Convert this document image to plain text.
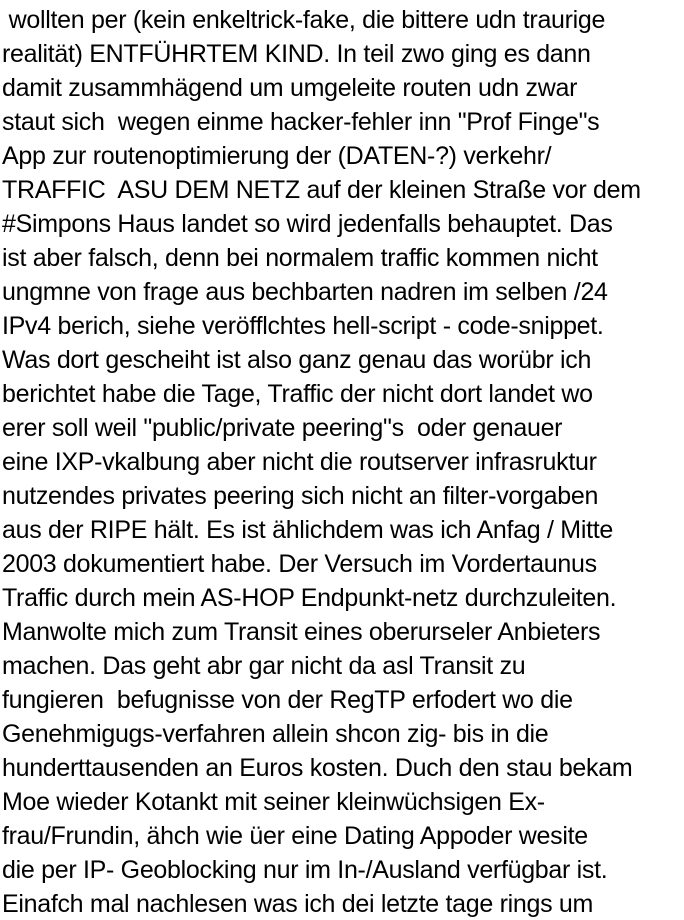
wollten per (kein enkeltrick-fake, die bittere udn traurige
realität) ENTFÜHRTEM KIND. In teil zwo ging es dann
damit zusammhägend um umgeleite routen udn zwar
staut sich  wegen einme hacker-fehler inn "Prof Finge"s
App zur routenoptimierung der (DATEN-?) verkehr/
TRAFFIC  ASU DEM NETZ auf der kleinen Straße vor dem
#Simpons Haus landet so wird jedenfalls behauptet. Das
ist aber falsch, denn bei normalem traffic kommen nicht
ungmne von frage aus bechbarten nadren im selben /24
IPv4 berich, siehe veröfflchtes hell-script - code-snippet.
Was dort gescheiht ist also ganz genau das worübr ich
berichtet habe die Tage, Traffic der nicht dort landet wo
erer soll weil "public/private peering"s  oder genauer
eine IXP-vkalbung aber nicht die routserver infrasruktur
nutzendes privates peering sich nicht an filter-vorgaben
aus der RIPE hält. Es ist ählichdem was ich Anfag / Mitte
2003 dokumentiert habe. Der Versuch im Vordertaunus
Traffic durch mein AS-HOP Endpunkt-netz durchzuleiten.
Manwolte mich zum Transit eines oberurseler Anbieters
machen. Das geht abr gar nicht da asl Transit zu
fungieren  befugnisse von der RegTP erfodert wo die
Genehmigugs-verfahren allein shcon zig- bis in die
hunderttausenden an Euros kosten. Duch den stau bekam
Moe wieder Kotankt mit seiner kleinwüchsigen Ex-
frau/Frundin, ähch wie üer eine Dating Appoder wesite
die per IP- Geoblocking nur im In-/Ausland verfügbar ist.
Einafch mal nachlesen was ich dei letzte tage rings um
